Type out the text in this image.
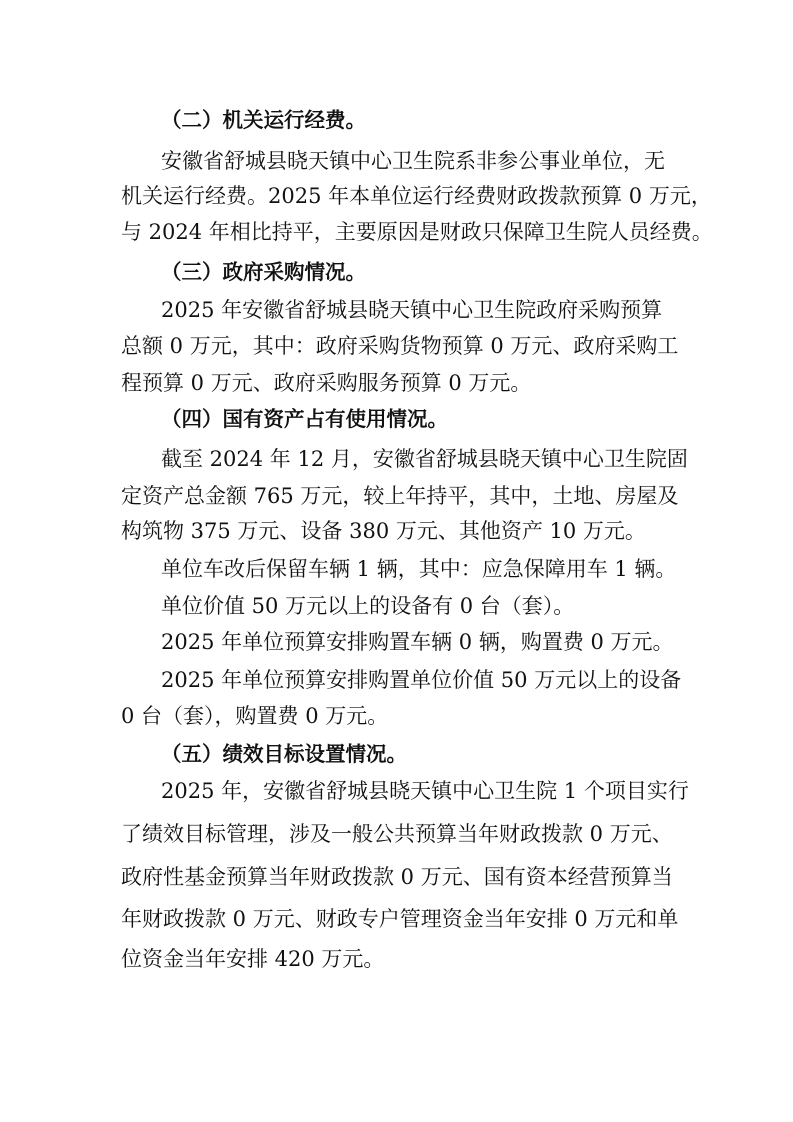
（二）机关运行经费。
安徽省舒城县晓天镇中心卫生院系非参公事业单位，无
机关运行经费。2025 年本单位运行经费财政拨款预算 0 万元，
与 2024 年相比持平，主要原因是财政只保障卫生院人员经费。
（三）政府采购情况。
2025 年安徽省舒城县晓天镇中心卫生院政府采购预算
总额 0 万元，其中：政府采购货物预算 0 万元、政府采购工
程预算 0 万元、政府采购服务预算 0 万元。
（四）国有资产占有使用情况。
截至 2024 年 12 月，安徽省舒城县晓天镇中心卫生院固
定资产总金额 765 万元，较上年持平，其中，土地、房屋及
构筑物 375 万元、设备 380 万元、其他资产 10 万元。
单位车改后保留车辆 1 辆，其中：应急保障用车 1 辆。
单位价值 50 万元以上的设备有 0 台（套）。
2025 年单位预算安排购置车辆 0 辆，购置费 0 万元。
2025 年单位预算安排购置单位价值 50 万元以上的设备
0 台（套），购置费 0 万元。
（五）绩效目标设置情况。
2025 年，安徽省舒城县晓天镇中心卫生院 1 个项目实行
了绩效目标管理，涉及一般公共预算当年财政拨款 0 万元、
政府性基金预算当年财政拨款 0 万元、国有资本经营预算当
年财政拨款 0 万元、财政专户管理资金当年安排 0 万元和单
位资金当年安排 420 万元。
